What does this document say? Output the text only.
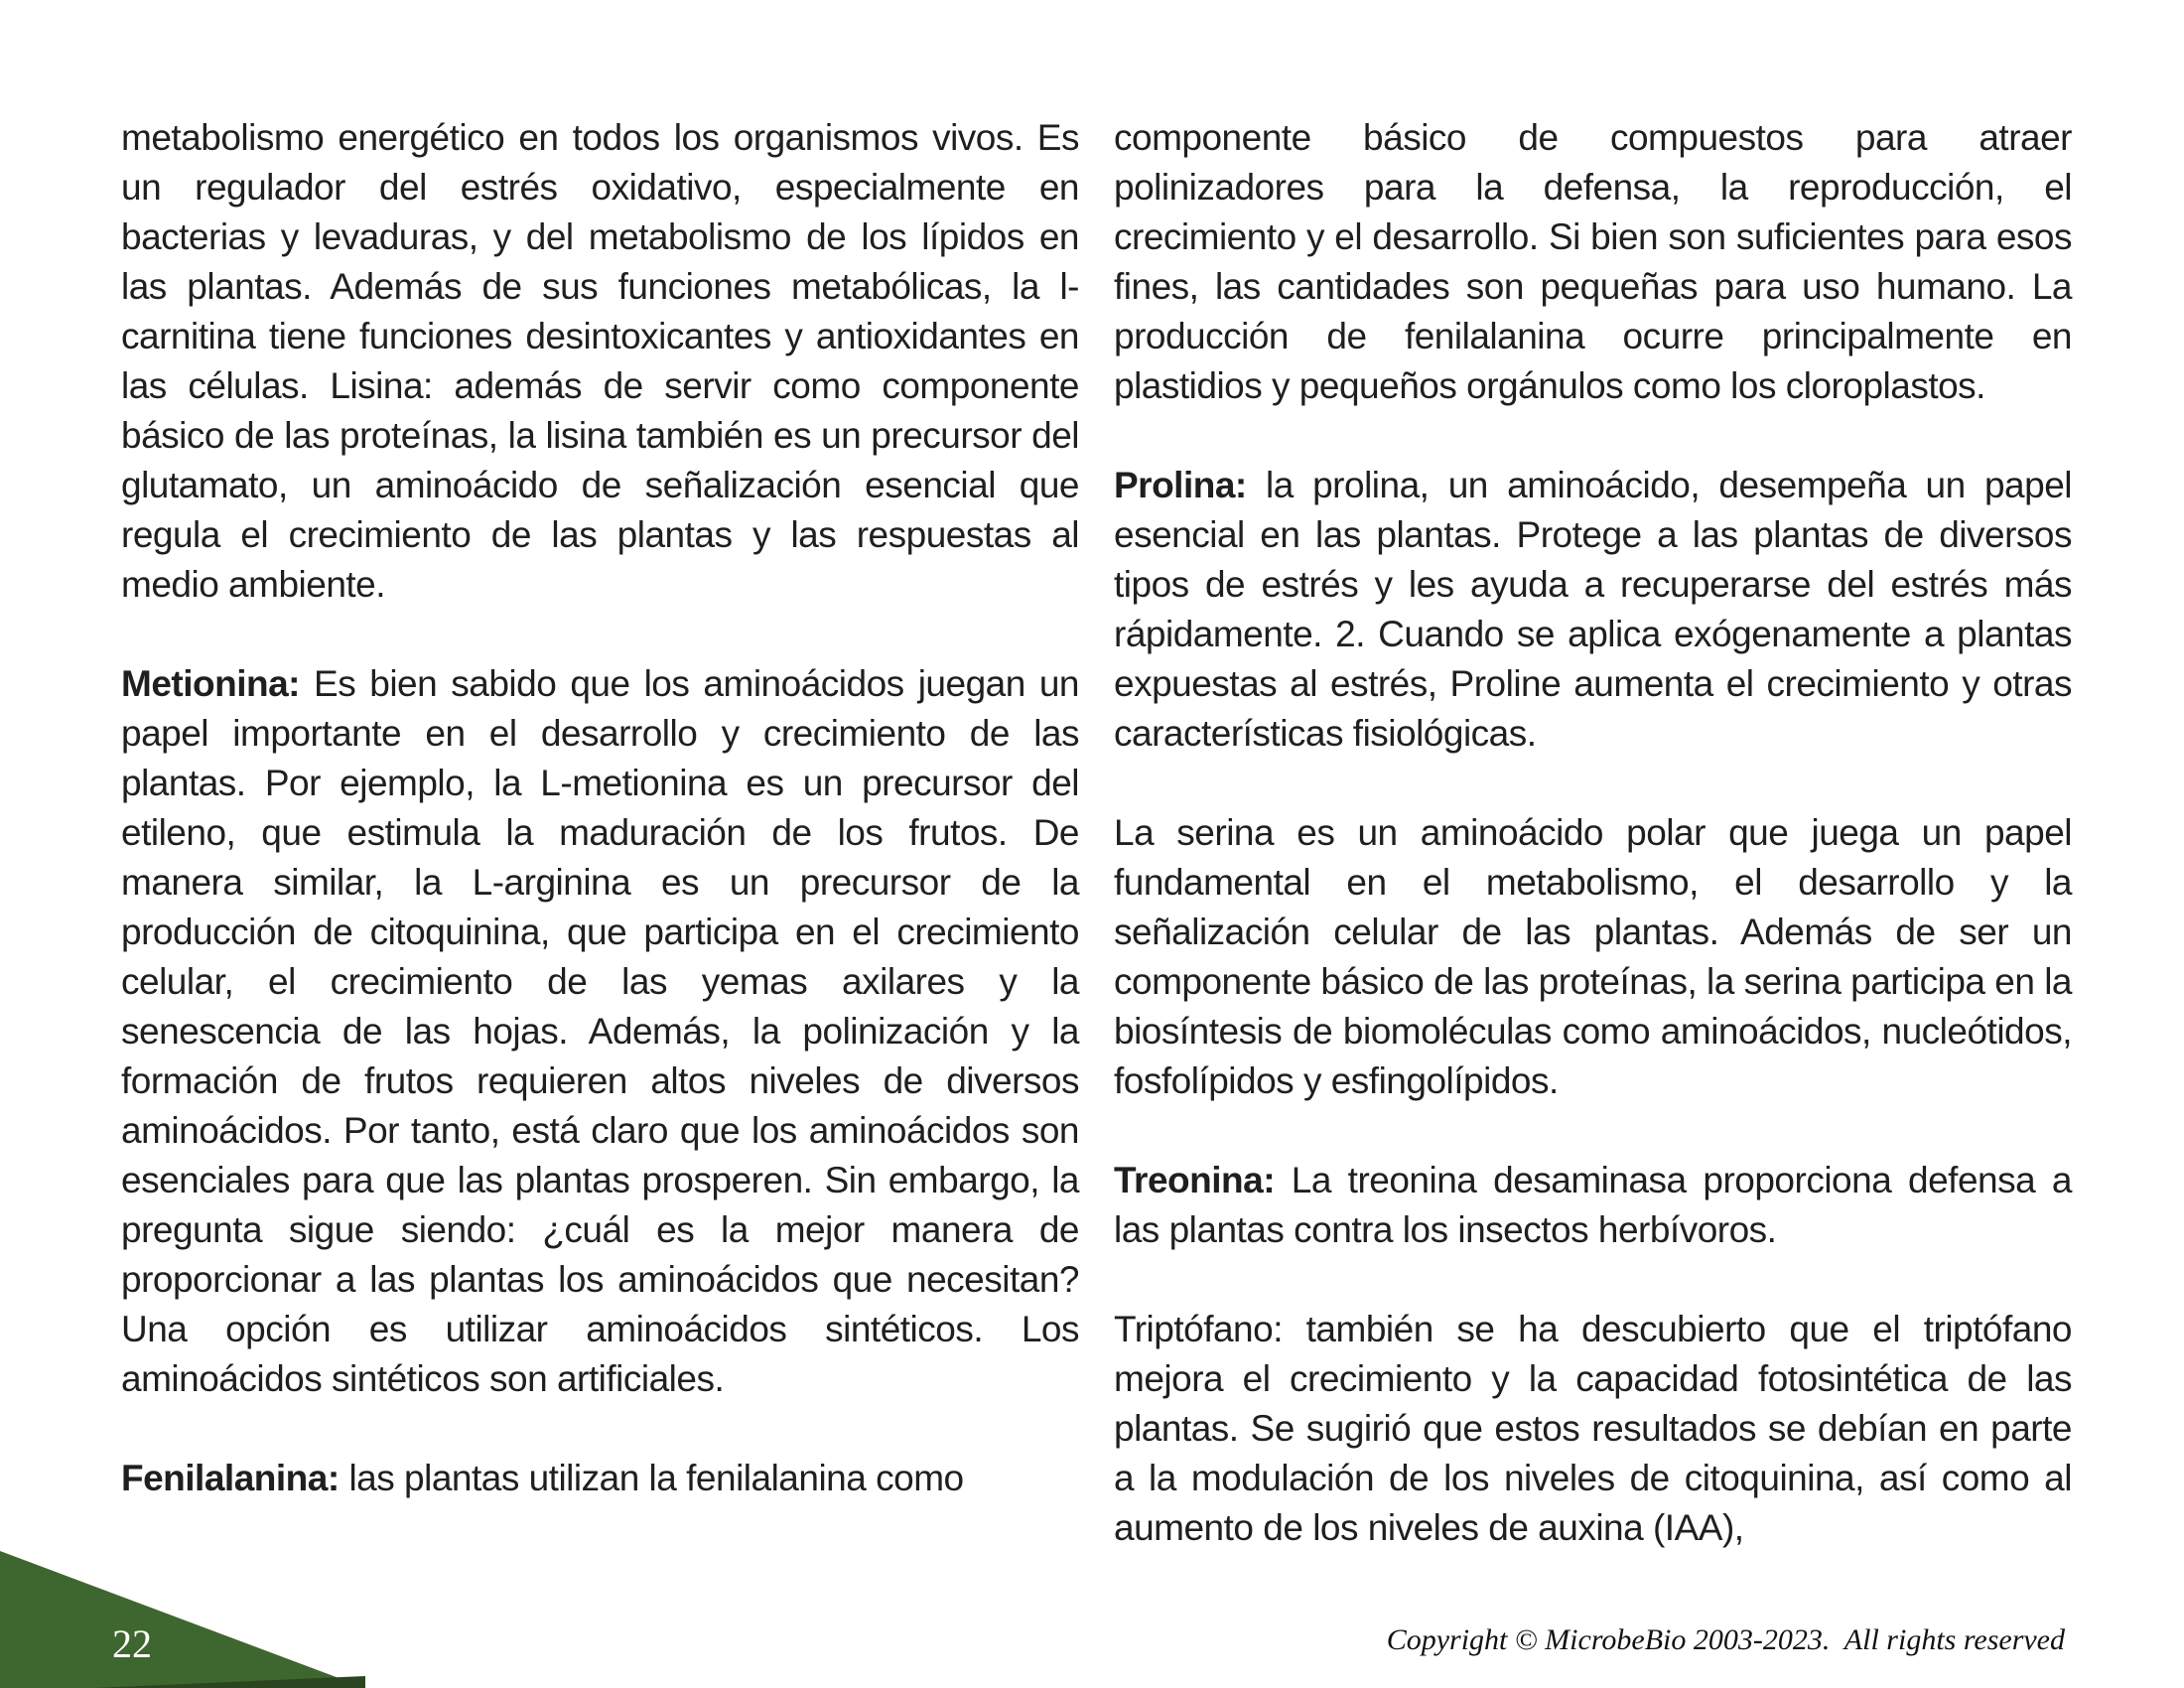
metabolismo energético en todos los organismos vivos. Es un regulador del estrés oxidativo, especialmente en bacterias y levaduras, y del metabolismo de los lípidos en las plantas. Además de sus funciones metabólicas, la l-carnitina tiene funciones desintoxicantes y antioxidantes en las células. Lisina: además de servir como componente básico de las proteínas, la lisina también es un precursor del glutamato, un aminoácido de señalización esencial que regula el crecimiento de las plantas y las respuestas al medio ambiente.

Metionina: Es bien sabido que los aminoácidos juegan un papel importante en el desarrollo y crecimiento de las plantas. Por ejemplo, la L-metionina es un precursor del etileno, que estimula la maduración de los frutos. De manera similar, la L-arginina es un precursor de la producción de citoquinina, que participa en el crecimiento celular, el crecimiento de las yemas axilares y la senescencia de las hojas. Además, la polinización y la formación de frutos requieren altos niveles de diversos aminoácidos. Por tanto, está claro que los aminoácidos son esenciales para que las plantas prosperen. Sin embargo, la pregunta sigue siendo: ¿cuál es la mejor manera de proporcionar a las plantas los aminoácidos que necesitan? Una opción es utilizar aminoácidos sintéticos. Los aminoácidos sintéticos son artificiales.

Fenilalanina: las plantas utilizan la fenilalanina como

componente básico de compuestos para atraer polinizadores para la defensa, la reproducción, el crecimiento y el desarrollo. Si bien son suficientes para esos fines, las cantidades son pequeñas para uso humano. La producción de fenilalanina ocurre principalmente en plastidios y pequeños orgánulos como los cloroplastos.

Prolina: la prolina, un aminoácido, desempeña un papel esencial en las plantas. Protege a las plantas de diversos tipos de estrés y les ayuda a recuperarse del estrés más rápidamente. 2. Cuando se aplica exógenamente a plantas expuestas al estrés, Proline aumenta el crecimiento y otras características fisiológicas.

La serina es un aminoácido polar que juega un papel fundamental en el metabolismo, el desarrollo y la señalización celular de las plantas. Además de ser un componente básico de las proteínas, la serina participa en la biosíntesis de biomoléculas como aminoácidos, nucleótidos, fosfolípidos y esfingolípidos.

Treonina: La treonina desaminasa proporciona defensa a las plantas contra los insectos herbívoros.

Triptófano: también se ha descubierto que el triptófano mejora el crecimiento y la capacidad fotosintética de las plantas. Se sugirió que estos resultados se debían en parte a la modulación de los niveles de citoquinina, así como al aumento de los niveles de auxina (IAA),

22	Copyright © MicrobeBio 2003-2023.  All rights reserved
